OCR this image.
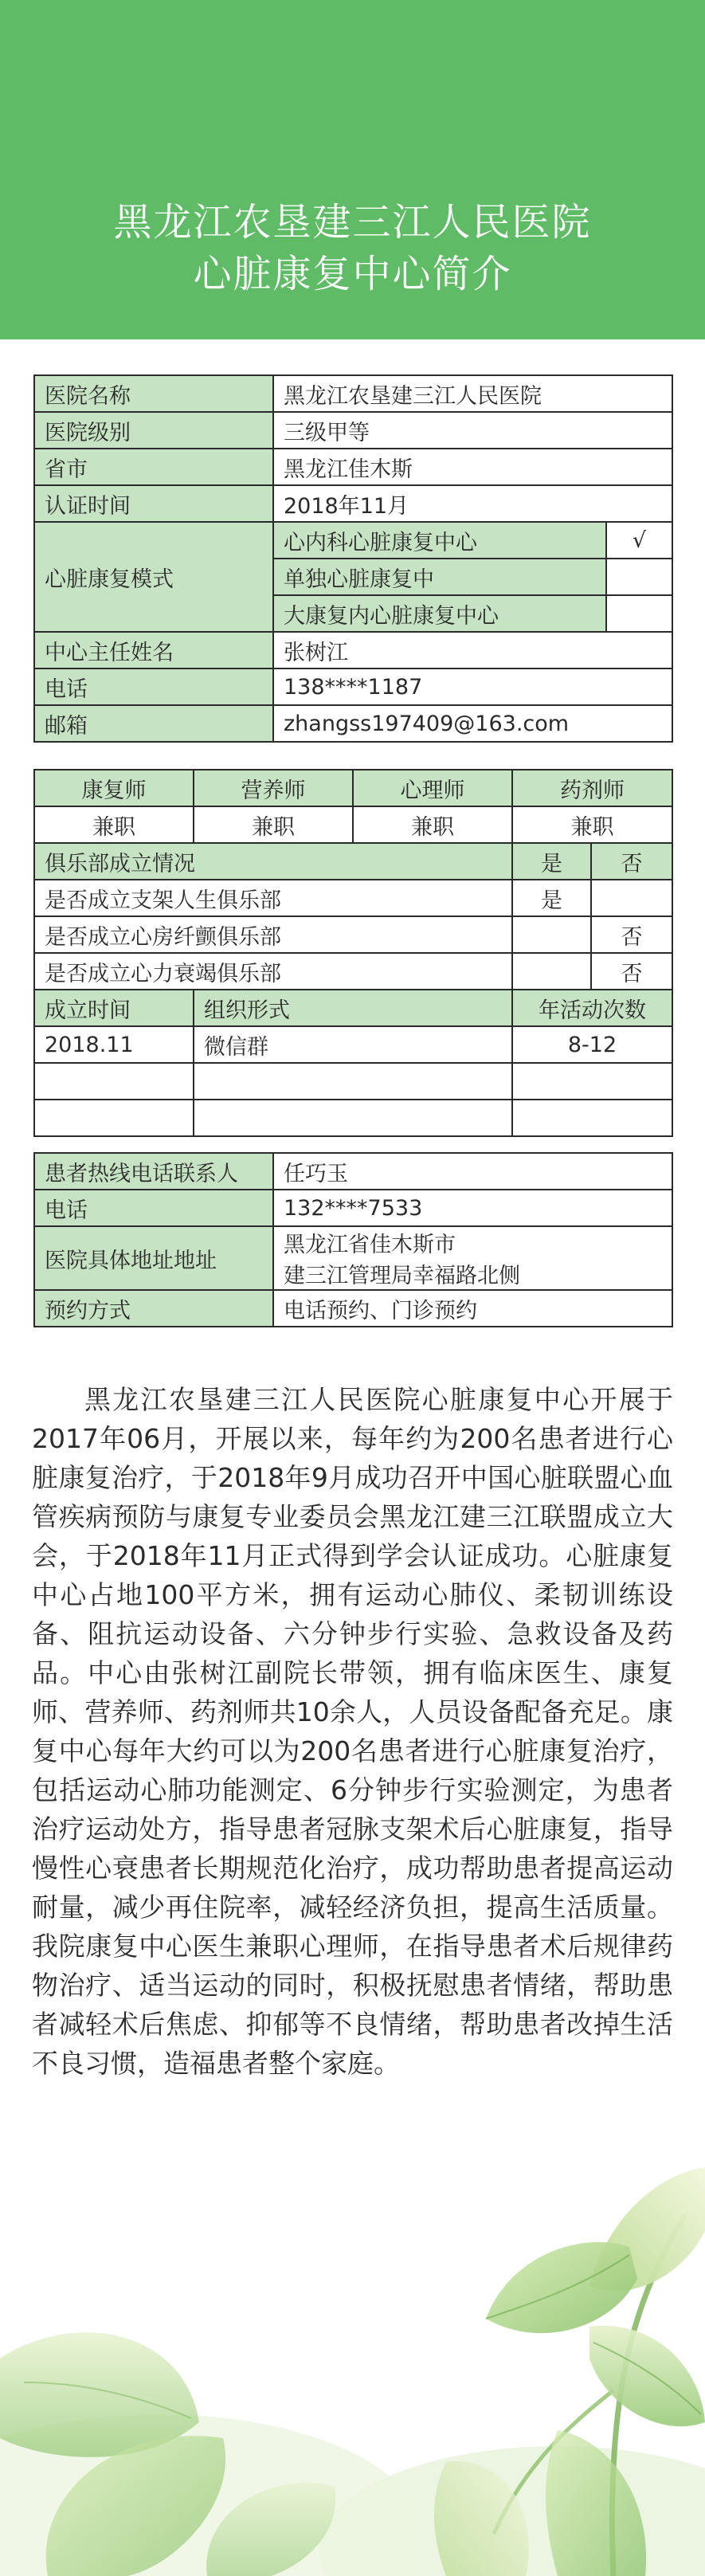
黑龙江农垦建三江人民医院
心脏康复中心简介
医院名称	黑龙江农垦建三江人民医院	
医院级别	三级甲等	
省市	黑龙江佳木斯	
认证时间	2018年11月	
心脏康复模式	心内科心脏康复中心	√
	单独心脏康复中	
	大康复内心脏康复中心	
中心主任姓名	张树江	
电话	138****1187	
邮箱	zhangss197409@163.com	
康复师	营养师	心理师	药剂师	
兼职	兼职	兼职	兼职	
俱乐部成立情况			是	否
是否成立支架人生俱乐部			是	
是否成立心房纤颤俱乐部				否
是否成立心力衰竭俱乐部				否
成立时间	组织形式		年活动次数	
2018.11	微信群		8-12	

患者热线电话联系人	任巧玉
电话	132****7533
医院具体地址地址	黑龙江省佳木斯市
建三江管理局幸福路北侧

预约方式	电话预约、门诊预约

黑龙江农垦建三江人民医院心脏康复中心开展于2017年06月，开展以来，每年约为200名患者进行心脏康复治疗，于2018年9月成功召开中国心脏联盟心血管疾病预防与康复专业委员会黑龙江建三江联盟成立大会，于2018年11月正式得到学会认证成功。心脏康复中心占地100平方米，拥有运动心肺仪、柔韧训练设备、阻抗运动设备、六分钟步行实验、急救设备及药品。中心由张树江副院长带领，拥有临床医生、康复师、营养师、药剂师共10余人，人员设备配备充足。康复中心每年大约可以为200名患者进行心脏康复治疗，包括运动心肺功能测定、6分钟步行实验测定，为患者治疗运动处方，指导患者冠脉支架术后心脏康复，指导慢性心衰患者长期规范化治疗，成功帮助患者提高运动耐量，减少再住院率，减轻经济负担，提高生活质量。我院康复中心医生兼职心理师，在指导患者术后规律药物治疗、适当运动的同时，积极抚慰患者情绪，帮助患者减轻术后焦虑、抑郁等不良情绪，帮助患者改掉生活不良习惯，造福患者整个家庭。
